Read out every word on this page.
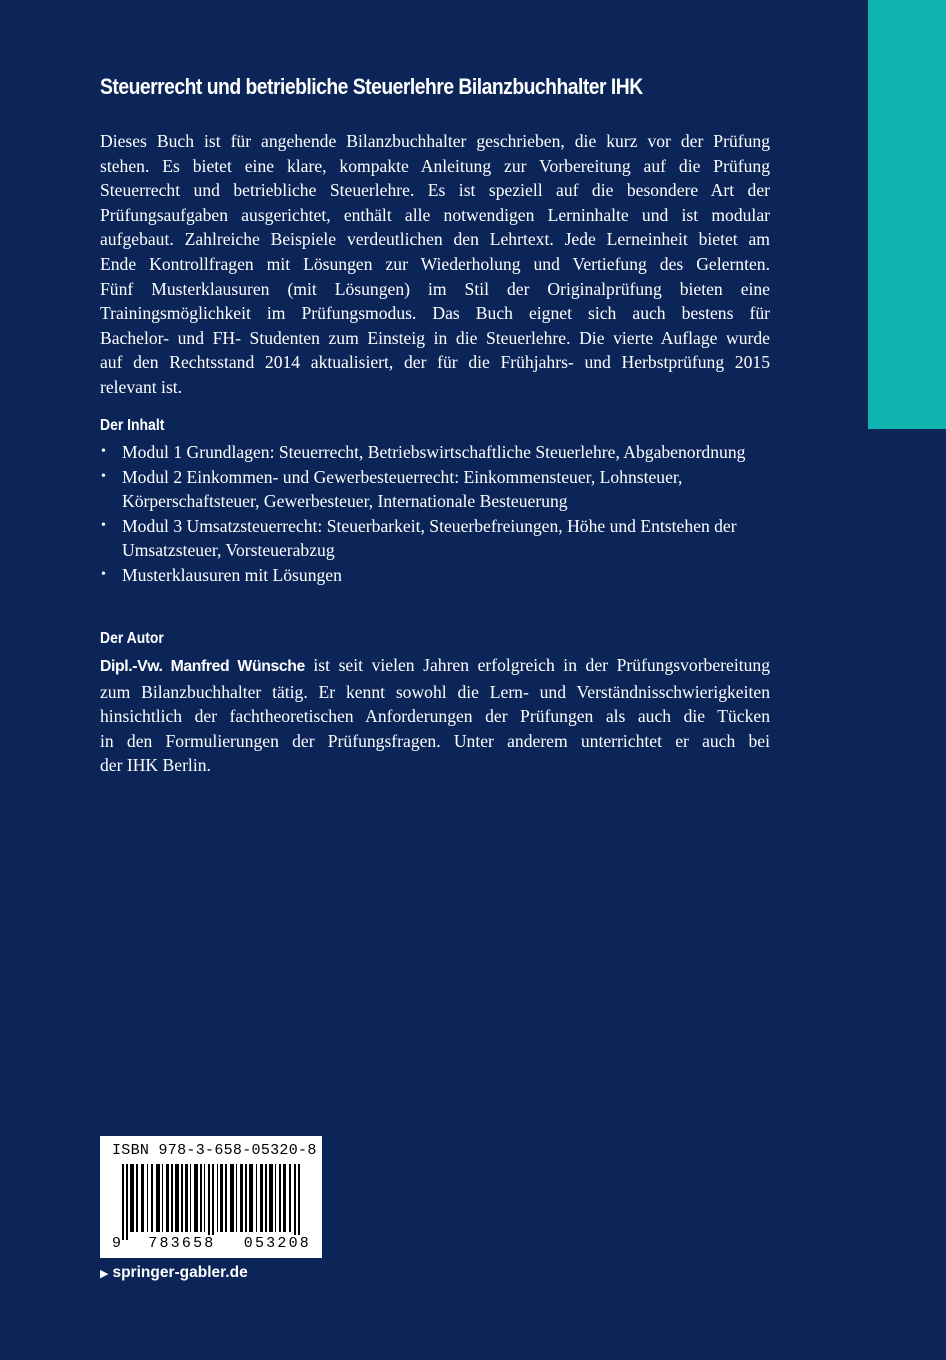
Steuerrecht und betriebliche Steuerlehre Bilanzbuchhalter IHK
Dieses Buch ist für angehende Bilanzbuchhalter geschrieben, die kurz vor der Prüfung
stehen. Es bietet eine klare, kompakte Anleitung zur Vorbereitung auf die Prüfung
Steuerrecht und betriebliche Steuerlehre. Es ist speziell auf die besondere Art der
Prüfungsaufgaben ausgerichtet, enthält alle notwendigen Lerninhalte und ist modular
aufgebaut. Zahlreiche Beispiele verdeutlichen den Lehrtext. Jede Lerneinheit bietet am
Ende Kontrollfragen mit Lösungen zur Wiederholung und Vertiefung des Gelernten.
Fünf Musterklausuren (mit Lösungen) im Stil der Originalprüfung bieten eine
Trainingsmöglichkeit im Prüfungsmodus. Das Buch eignet sich auch bestens für
Bachelor- und FH- Studenten zum Einsteig in die Steuerlehre. Die vierte Auflage wurde
auf den Rechtsstand 2014 aktualisiert, der für die Frühjahrs- und Herbstprüfung 2015
relevant ist.
Der Inhalt
• Modul 1 Grundlagen: Steuerrecht, Betriebswirtschaftliche Steuerlehre, Abgabenordnung
• Modul 2 Einkommen- und Gewerbesteuerrecht: Einkommensteuer, Lohnsteuer, Körperschaftsteuer, Gewerbesteuer, Internationale Besteuerung
• Modul 3 Umsatzsteuerrecht: Steuerbarkeit, Steuerbefreiungen, Höhe und Entstehen der Umsatzsteuer, Vorsteuerabzug
• Musterklausuren mit Lösungen
Der Autor
Dipl.-Vw. Manfred Wünsche ist seit vielen Jahren erfolgreich in der Prüfungsvorbereitung
zum Bilanzbuchhalter tätig. Er kennt sowohl die Lern- und Verständnisschwierigkeiten
hinsichtlich der fachtheoretischen Anforderungen der Prüfungen als auch die Tücken
in den Formulierungen der Prüfungsfragen. Unter anderem unterrichtet er auch bei
der IHK Berlin.
ISBN 978-3-658-05320-8
9 783658 053208
▶ springer-gabler.de
